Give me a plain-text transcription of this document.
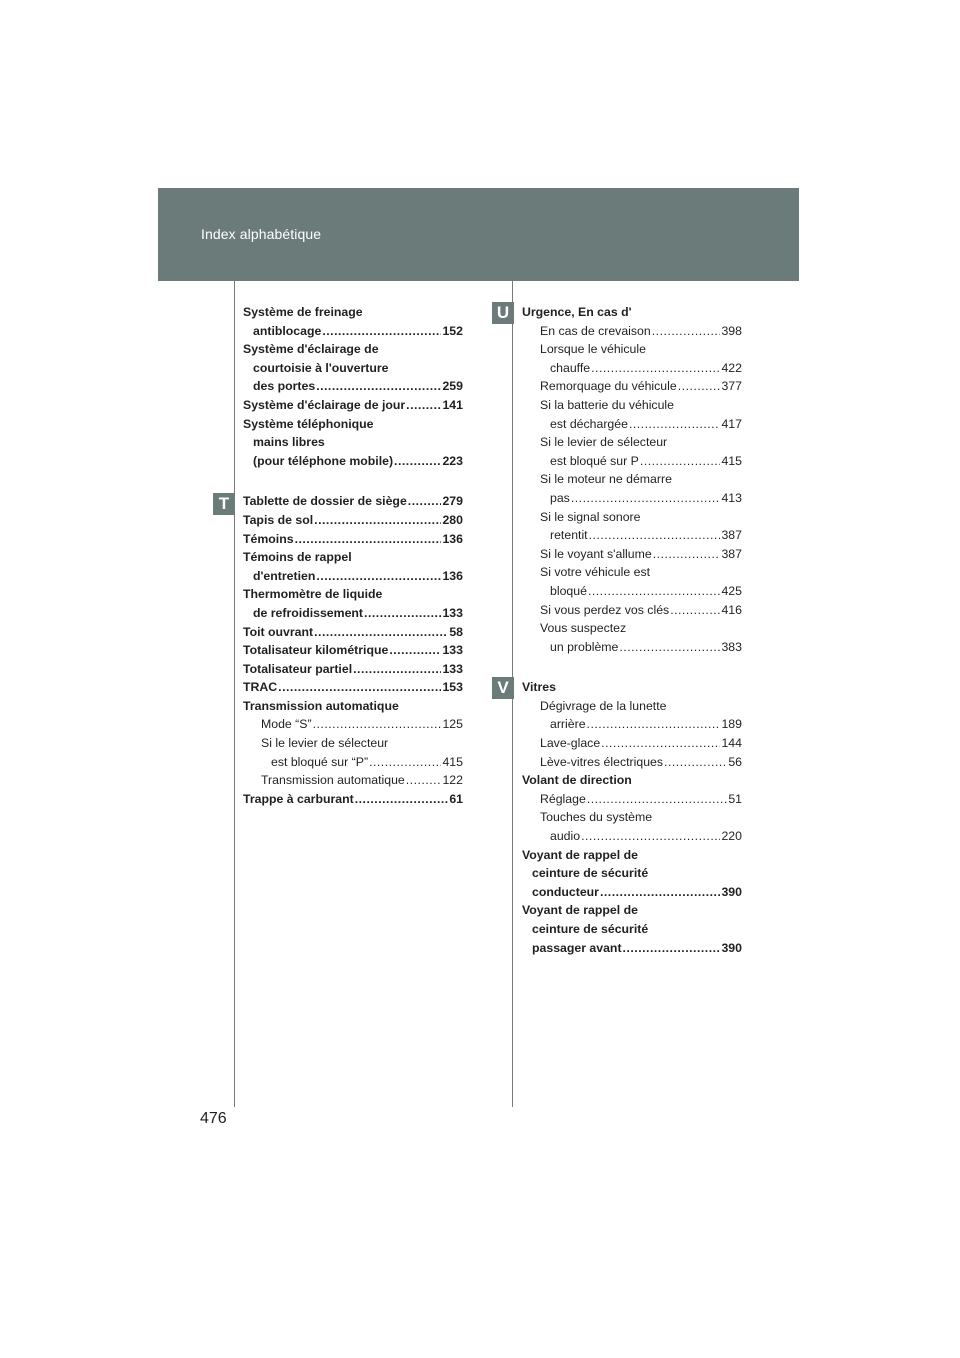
Index alphabétique
T
U
V
Système de freinage
antiblocage .....	152
Système d'éclairage de
courtoisie à l'ouverture
des portes .....	259
Système d'éclairage de jour .....	141
Système téléphonique
mains libres
(pour téléphone mobile) .....	223
Tablette de dossier de siège .....	279
Tapis de sol .....	280
Témoins .....	136
Témoins de rappel
d'entretien .....	136
Thermomètre de liquide
de refroidissement .....	133
Toit ouvrant .....	58
Totalisateur kilométrique .....	133
Totalisateur partiel .....	133
TRAC .....	153
Transmission automatique
Mode “S” .....	125
Si le levier de sélecteur
est bloqué sur “P” .....	415
Transmission automatique .....	122
Trappe à carburant .....	61
Urgence, En cas d'
En cas de crevaison .....	398
Lorsque le véhicule
chauffe .....	422
Remorquage du véhicule .....	377
Si la batterie du véhicule
est déchargée .....	417
Si le levier de sélecteur
est bloqué sur P .....	415
Si le moteur ne démarre
pas .....	413
Si le signal sonore
retentit .....	387
Si le voyant s'allume .....	387
Si votre véhicule est
bloqué .....	425
Si vous perdez vos clés .....	416
Vous suspectez
un problème .....	383
Vitres
Dégivrage de la lunette
arrière .....	189
Lave-glace .....	144
Lève-vitres électriques .....	56
Volant de direction
Réglage .....	51
Touches du système
audio .....	220
Voyant de rappel de
ceinture de sécurité
conducteur .....	390
Voyant de rappel de
ceinture de sécurité
passager avant .....	390
476
